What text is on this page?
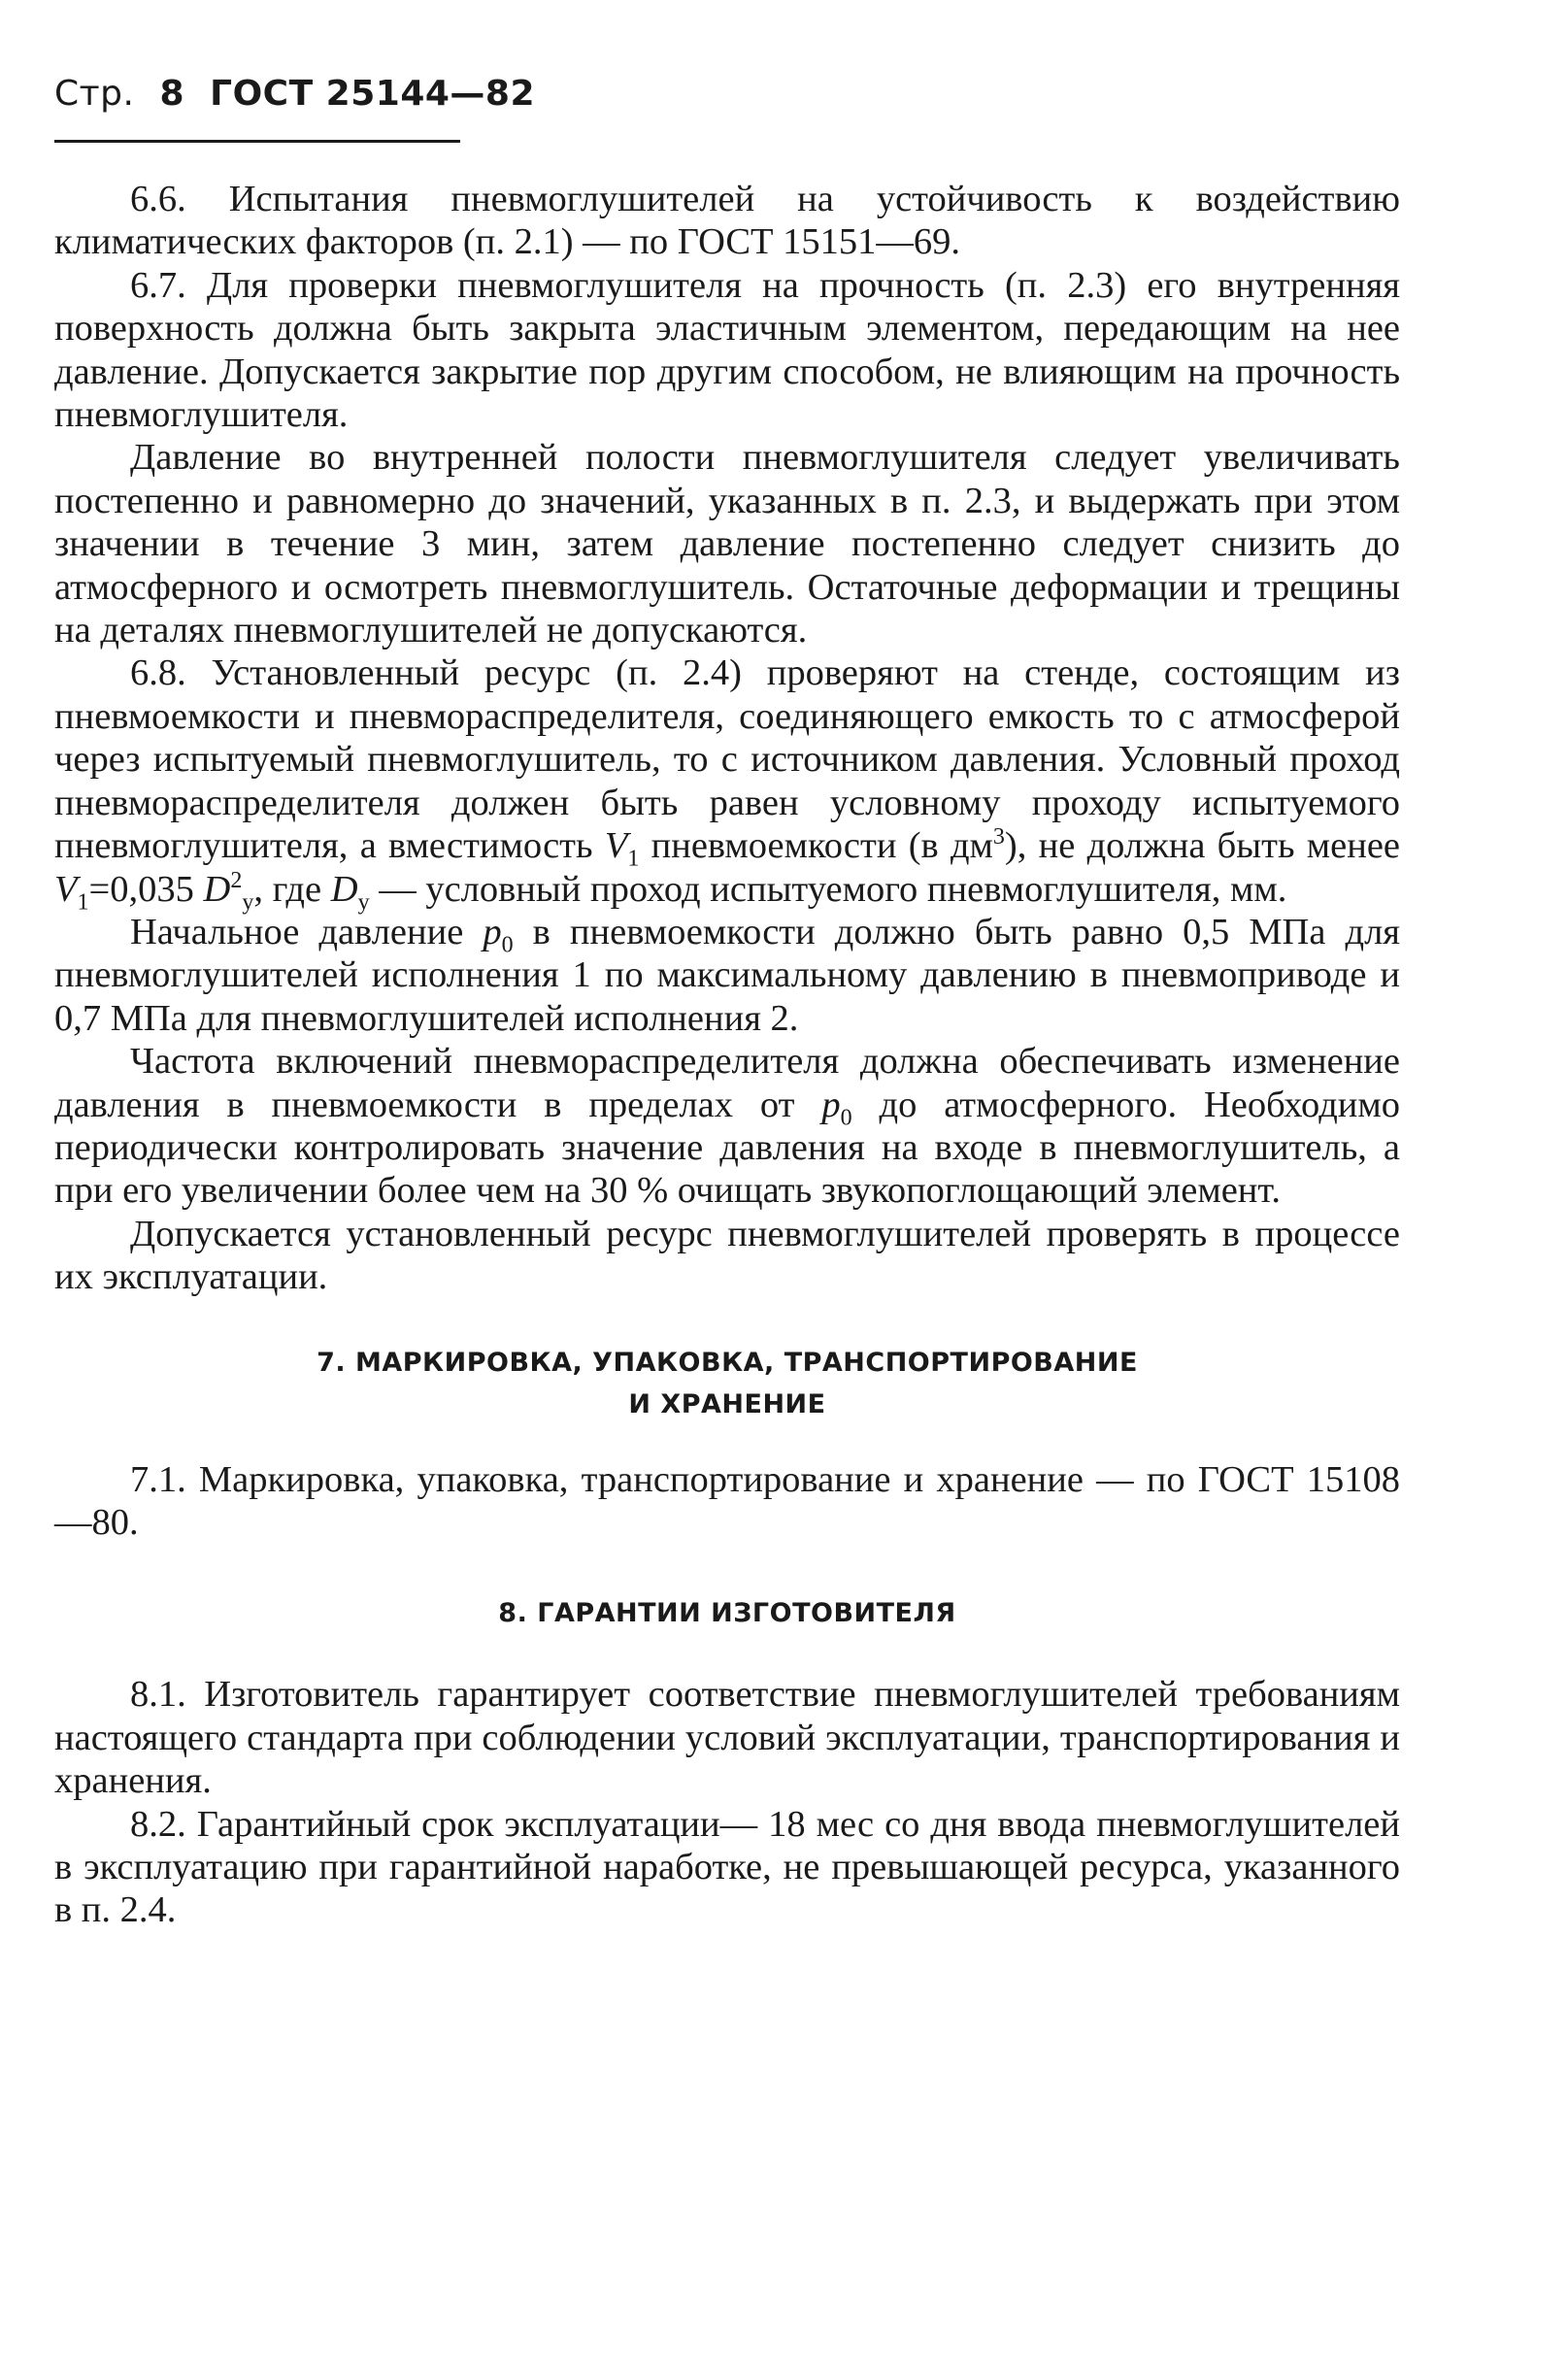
Стр. 8 ГОСТ 25144—82

6.6. Испытания пневмоглушителей на устойчивость к воздействию климатических факторов (п. 2.1) — по ГОСТ 15151—69.

6.7. Для проверки пневмоглушителя на прочность (п. 2.3) его внутренняя поверхность должна быть закрыта эластичным элементом, передающим на нее давление. Допускается закрытие пор другим способом, не влияющим на прочность пневмоглушителя.

Давление во внутренней полости пневмоглушителя следует увеличивать постепенно и равномерно до значений, указанных в п. 2.3, и выдержать при этом значении в течение 3 мин, затем давление постепенно следует снизить до атмосферного и осмотреть пневмоглушитель. Остаточные деформации и трещины на деталях пневмоглушителей не допускаются.

6.8. Установленный ресурс (п. 2.4) проверяют на стенде, состоящим из пневмоемкости и пневмораспределителя, соединяющего емкость то с атмосферой через испытуемый пневмоглушитель, то с источником давления. Условный проход пневмораспределителя должен быть равен условному проходу испытуемого пневмоглушителя, а вместимость $V_1$ пневмоемкости (в $дм^3$), не должна быть менее $V_1=0,035$ $D^2_у$, где $D_у$ — условный проход испытуемого пневмоглушителя, мм.

Начальное давление $p_0$ в пневмоемкости должно быть равно 0,5 МПа для пневмоглушителей исполнения 1 по максимальному давлению в пневмоприводе и 0,7 МПа для пневмоглушителей исполнения 2.

Частота включений пневмораспределителя должна обеспечивать изменение давления в пневмоемкости в пределах от $p_0$ до атмосферного. Необходимо периодически контролировать значение давления на входе в пневмоглушитель, а при его увеличении более чем на 30 % очищать звукопоглощающий элемент.

Допускается установленный ресурс пневмоглушителей проверять в процессе их эксплуатации.

7. МАРКИРОВКА, УПАКОВКА, ТРАНСПОРТИРОВАНИЕ
И ХРАНЕНИЕ

7.1. Маркировка, упаковка, транспортирование и хранение — по ГОСТ 15108—80.

8. ГАРАНТИИ ИЗГОТОВИТЕЛЯ

8.1. Изготовитель гарантирует соответствие пневмоглушителей требованиям настоящего стандарта при соблюдении условий эксплуатации, транспортирования и хранения.

8.2. Гарантийный срок эксплуатации— 18 мес со дня ввода пневмоглушителей в эксплуатацию при гарантийной наработке, не превышающей ресурса, указанного в п. 2.4.
